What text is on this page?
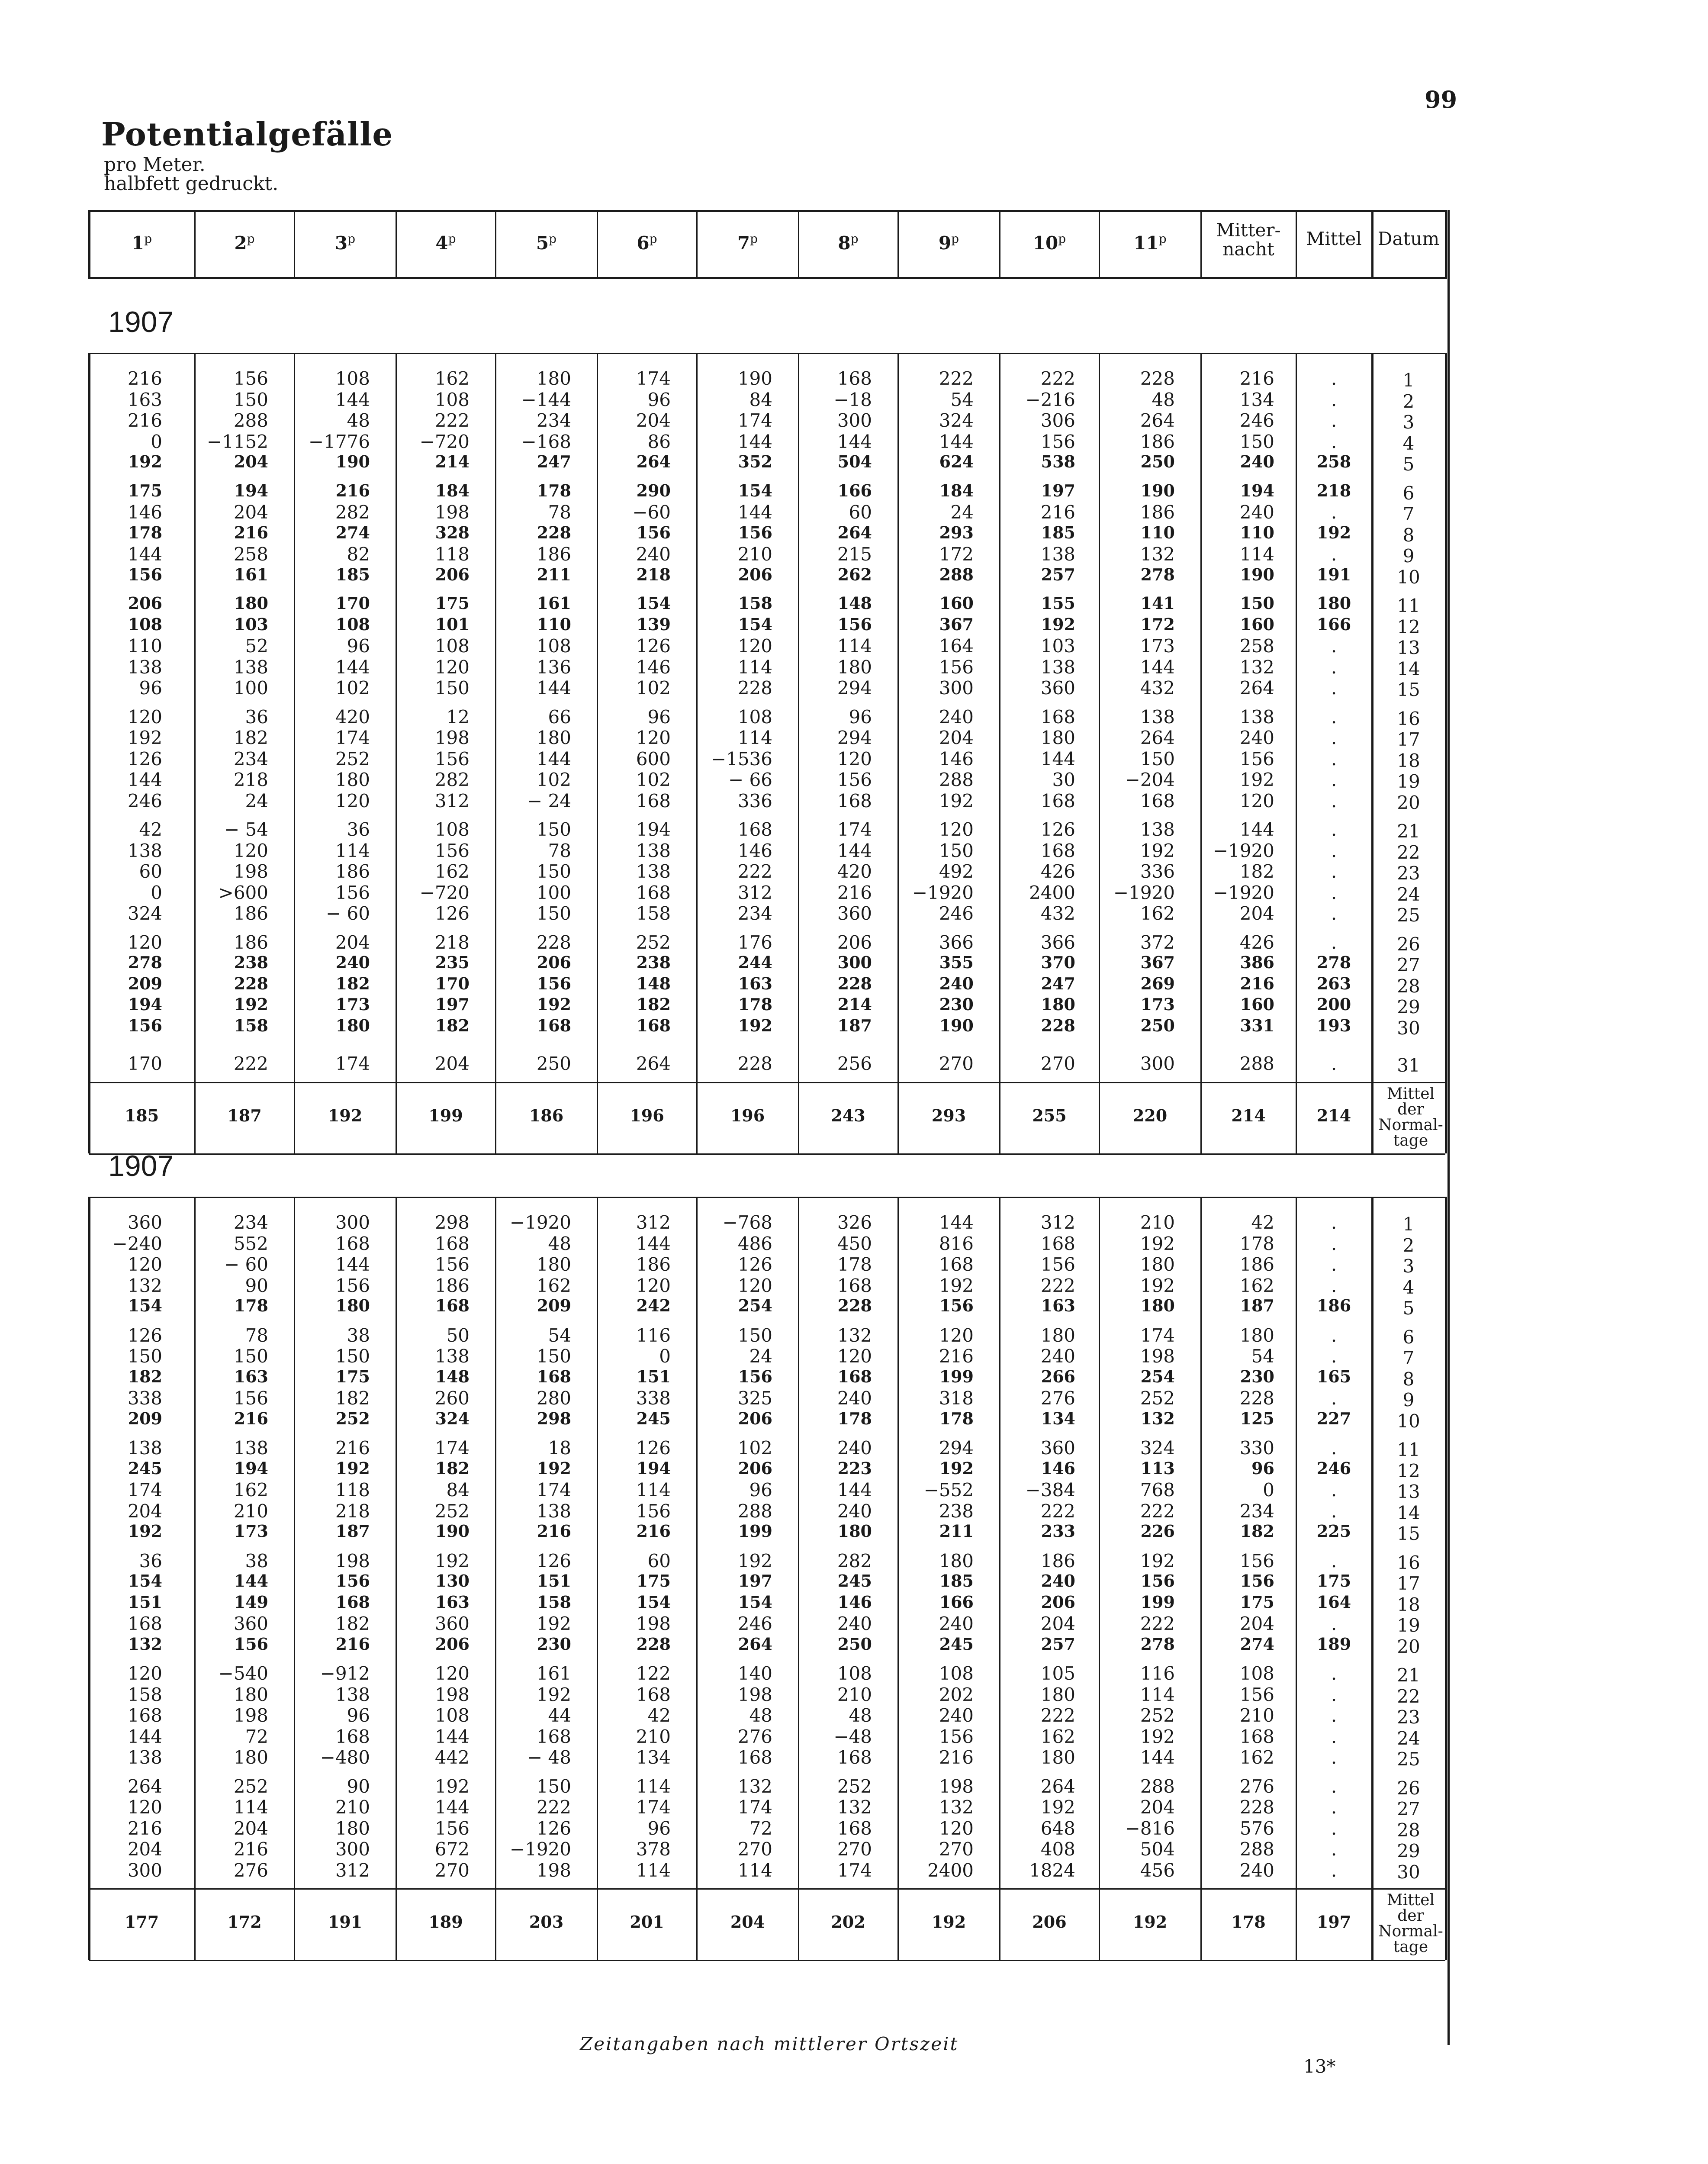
99
Potentialgefälle
pro Meter.
halbfett gedruckt.
1$^p$	2$^p$	3$^p$	4$^p$	5$^p$	6$^p$	7$^p$	8$^p$	9$^p$	10$^p$	11$^p$	Mitter-
nacht	Mittel Datum
1907
216	156	108	162	180	174	190	168	222	222	228	216	.	1
163	150	144	108	−144	96	84	−18	54	−216	48	134	.	2
216	288	48	222	234	204	174	300	324	306	264	246	.	3
0	−1152	−1776	−720	−168	86	144	144	144	156	186	150	.	4
192	204	190	214	247	264	352	504	624	538	250	240	258	5
175	194	216	184	178	290	154	166	184	197	190	194	218	6
146	204	282	198	78	−60	144	60	24	216	186	240	.	7
178	216	274	328	228	156	156	264	293	185	110	110	192	8
144	258	82	118	186	240	210	215	172	138	132	114	.	9
156	161	185	206	211	218	206	262	288	257	278	190	191	10
206	180	170	175	161	154	158	148	160	155	141	150	180	11
108	103	108	101	110	139	154	156	367	192	172	160	166	12
110	52	96	108	108	126	120	114	164	103	173	258	.	13
138	138	144	120	136	146	114	180	156	138	144	132	.	14
96	100	102	150	144	102	228	294	300	360	432	264	.	15
120	36	420	12	66	96	108	96	240	168	138	138	.	16
192	182	174	198	180	120	114	294	204	180	264	240	.	17
126	234	252	156	144	600	−1536	120	146	144	150	156	.	18
144	218	180	282	102	102	− 66	156	288	30	−204	192	.	19
246	24	120	312	− 24	168	336	168	192	168	168	120	.	20
42	− 54	36	108	150	194	168	174	120	126	138	144	.	21
138	120	114	156	78	138	146	144	150	168	192	−1920	.	22
60	198	186	162	150	138	222	420	492	426	336	182	.	23
0	>600	156	−720	100	168	312	216	−1920	2400	−1920	−1920	.	24
324	186	− 60	126	150	158	234	360	246	432	162	204	.	25
120	186	204	218	228	252	176	206	366	366	372	426	.	26
278	238	240	235	206	238	244	300	355	370	367	386	278	27
209	228	182	170	156	148	163	228	240	247	269	216	263	28
194	192	173	197	192	182	178	214	230	180	173	160	200	29
156	158	180	182	168	168	192	187	190	228	250	331	193	30
170	222	174	204	250	264	228	256	270	270	300	288	.	31
185	187	192	199	186	196	196	243	293	255	220	214	214
Mittel
der
Normal-
tage
1907
360	234	300	298	−1920	312	−768	326	144	312	210	42	.	1
−240	552	168	168	48	144	486	450	816	168	192	178	.	2
120	− 60	144	156	180	186	126	178	168	156	180	186	.	3
132	90	156	186	162	120	120	168	192	222	192	162	.	4
154	178	180	168	209	242	254	228	156	163	180	187	186	5
126	78	38	50	54	116	150	132	120	180	174	180	.	6
150	150	150	138	150	0	24	120	216	240	198	54	.	7
182	163	175	148	168	151	156	168	199	266	254	230	165	8
338	156	182	260	280	338	325	240	318	276	252	228	.	9
209	216	252	324	298	245	206	178	178	134	132	125	227	10
138	138	216	174	18	126	102	240	294	360	324	330	.	11
245	194	192	182	192	194	206	223	192	146	113	96	246	12
174	162	118	84	174	114	96	144	−552	−384	768	0	.	13
204	210	218	252	138	156	288	240	238	222	222	234	.	14
192	173	187	190	216	216	199	180	211	233	226	182	225	15
36	38	198	192	126	60	192	282	180	186	192	156	.	16
154	144	156	130	151	175	197	245	185	240	156	156	175	17
151	149	168	163	158	154	154	146	166	206	199	175	164	18
168	360	182	360	192	198	246	240	240	204	222	204	.	19
132	156	216	206	230	228	264	250	245	257	278	274	189	20
120	−540	−912	120	161	122	140	108	108	105	116	108	.	21
158	180	138	198	192	168	198	210	202	180	114	156	.	22
168	198	96	108	44	42	48	48	240	222	252	210	.	23
144	72	168	144	168	210	276	−48	156	162	192	168	.	24
138	180	−480	442	− 48	134	168	168	216	180	144	162	.	25
264	252	90	192	150	114	132	252	198	264	288	276	.	26
120	114	210	144	222	174	174	132	132	192	204	228	.	27
216	204	180	156	126	96	72	168	120	648	−816	576	.	28
204	216	300	672	−1920	378	270	270	270	408	504	288	.	29
300	276	312	270	198	114	114	174	2400	1824	456	240	.	30
177	172	191	189	203	201	204	202	192	206	192	178	197
Mittel
der
Normal-
tage
Zeitangaben nach mittlerer Ortszeit
13*
